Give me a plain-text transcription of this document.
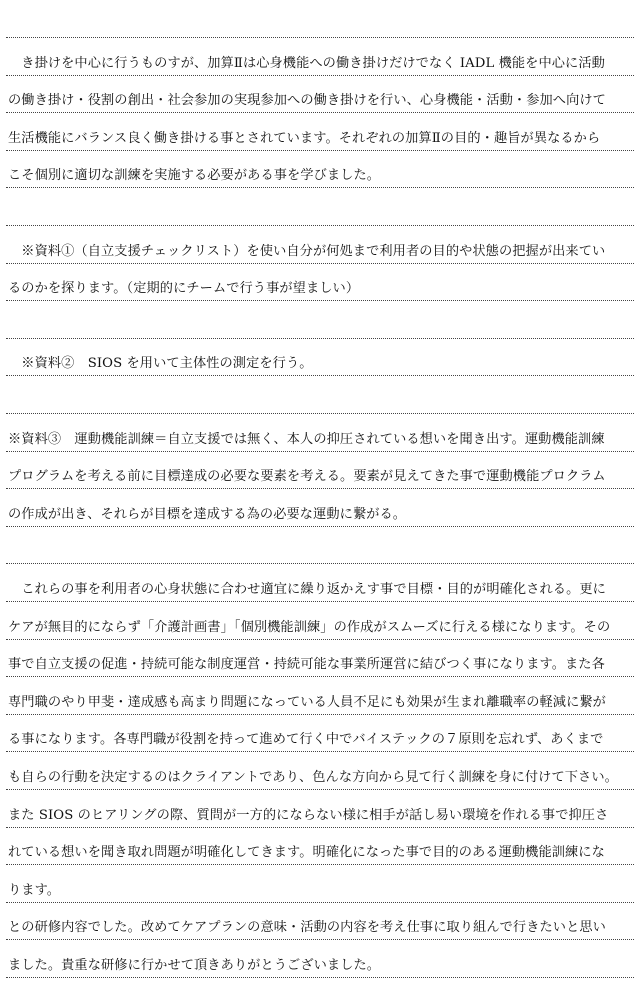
　き掛けを中心に行うものすが、加算Ⅱは心身機能への働き掛けだけでなく IADL 機能を中心に活動
の働き掛け・役割の創出・社会参加の実現参加への働き掛けを行い、心身機能・活動・参加へ向けて
生活機能にバランス良く働き掛ける事とされています。それぞれの加算Ⅱの目的・趣旨が異なるから
こそ個別に適切な訓練を実施する必要がある事を学びました。
　※資料①（自立支援チェックリスト）を使い自分が何処まで利用者の目的や状態の把握が出来てい
るのかを探ります。（定期的にチームで行う事が望ましい）
　※資料②　SIOS を用いて主体性の測定を行う。
※資料③　運動機能訓練＝自立支援では無く、本人の抑圧されている想いを聞き出す。運動機能訓練
プログラムを考える前に目標達成の必要な要素を考える。要素が見えてきた事で運動機能プロクラム
の作成が出き、それらが目標を達成する為の必要な運動に繋がる。
　これらの事を利用者の心身状態に合わせ適宜に繰り返かえす事で目標・目的が明確化される。更に
ケアが無目的にならず「介護計画書」「個別機能訓練」の作成がスムーズに行える様になります。その
事で自立支援の促進・持続可能な制度運営・持続可能な事業所運営に結びつく事になります。また各
専門職のやり甲斐・達成感も高まり問題になっている人員不足にも効果が生まれ離職率の軽減に繋が
る事になります。各専門職が役割を持って進めて行く中でバイステックの７原則を忘れず、あくまで
も自らの行動を決定するのはクライアントであり、色んな方向から見て行く訓練を身に付けて下さい。
また SIOS のヒアリングの際、質問が一方的にならない様に相手が話し易い環境を作れる事で抑圧さ
れている想いを聞き取れ問題が明確化してきます。明確化になった事で目的のある運動機能訓練にな
ります。
との研修内容でした。改めてケアプランの意味・活動の内容を考え仕事に取り組んで行きたいと思い
ました。貴重な研修に行かせて頂きありがとうございました。
